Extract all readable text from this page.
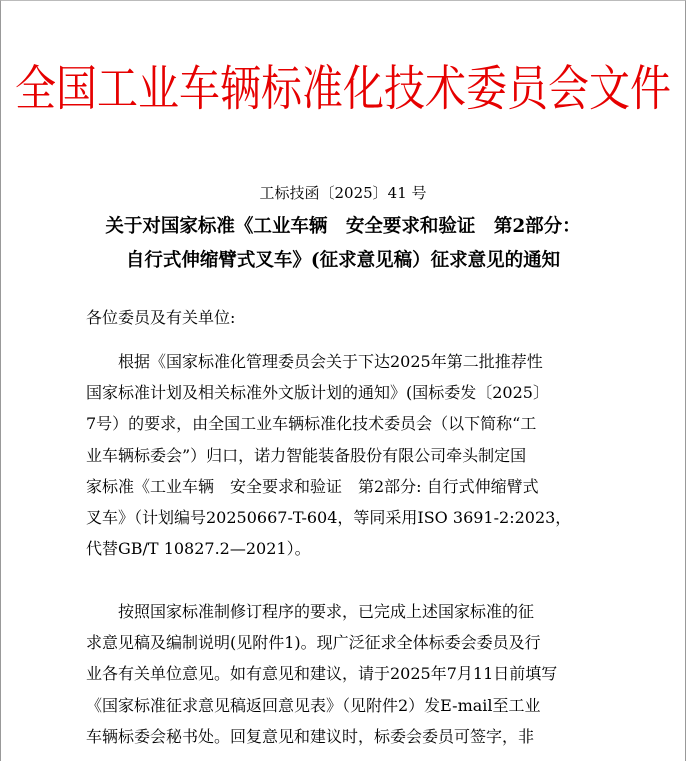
全国工业车辆标准化技术委员会文件
工标技函〔2025〕41 号
关于对国家标准《工业车辆　安全要求和验证　第2部分：
自行式伸缩臂式叉车》(征求意见稿）征求意见的通知
各位委员及有关单位:
　　根据《国家标准化管理委员会关于下达2025年第二批推荐性
国家标准计划及相关标准外文版计划的通知》(国标委发〔2025〕
7号）的要求，由全国工业车辆标准化技术委员会（以下简称“工
业车辆标委会”）归口，诺力智能装备股份有限公司牵头制定国
家标准《工业车辆　安全要求和验证　第2部分: 自行式伸缩臂式
叉车》（计划编号20250667-T-604，等同采用ISO 3691-2:2023，
代替GB/T 10827.2—2021）。
　　按照国家标准制修订程序的要求，已完成上述国家标准的征
求意见稿及编制说明(见附件1)。现广泛征求全体标委会委员及行
业各有关单位意见。如有意见和建议，请于2025年7月11日前填写
《国家标准征求意见稿返回意见表》（见附件2）发E-mail至工业
车辆标委会秘书处。回复意见和建议时，标委会委员可签字，非
